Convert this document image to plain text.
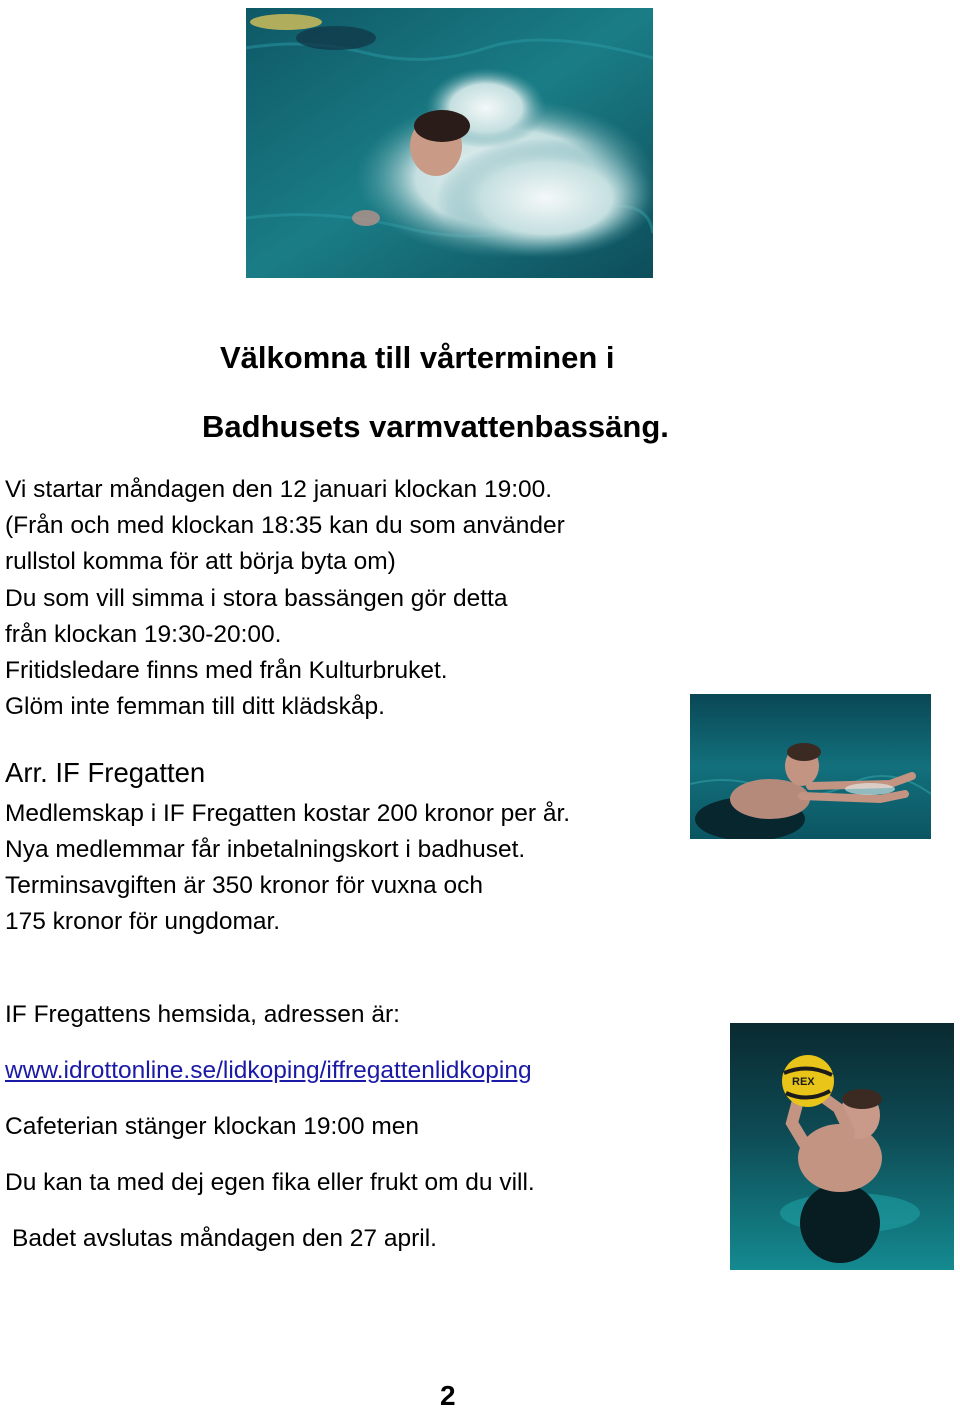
Välkomna till vårterminen i
Badhusets varmvattenbassäng.

Vi startar måndagen den 12 januari klockan 19:00.

(Från och med klockan 18:35 kan du som använder

rullstol komma för att börja byta om)

Du som vill simma i stora bassängen gör detta

från klockan 19:30-20:00.

Fritidsledare finns med från Kulturbruket.

Glöm inte femman till ditt klädskåp.

Arr. IF Fregatten

Medlemskap i IF Fregatten kostar 200 kronor per år.

Nya medlemmar får inbetalningskort i badhuset.

Terminsavgiften är 350 kronor för vuxna och

175 kronor för ungdomar.

IF Fregattens hemsida, adressen är:

www.idrottonline.se/lidkoping/iffregattenlidkoping

Cafeterian stänger klockan 19:00 men

Du kan ta med dej egen fika eller frukt om du vill.

Badet avslutas måndagen den 27 april.

REX

2
